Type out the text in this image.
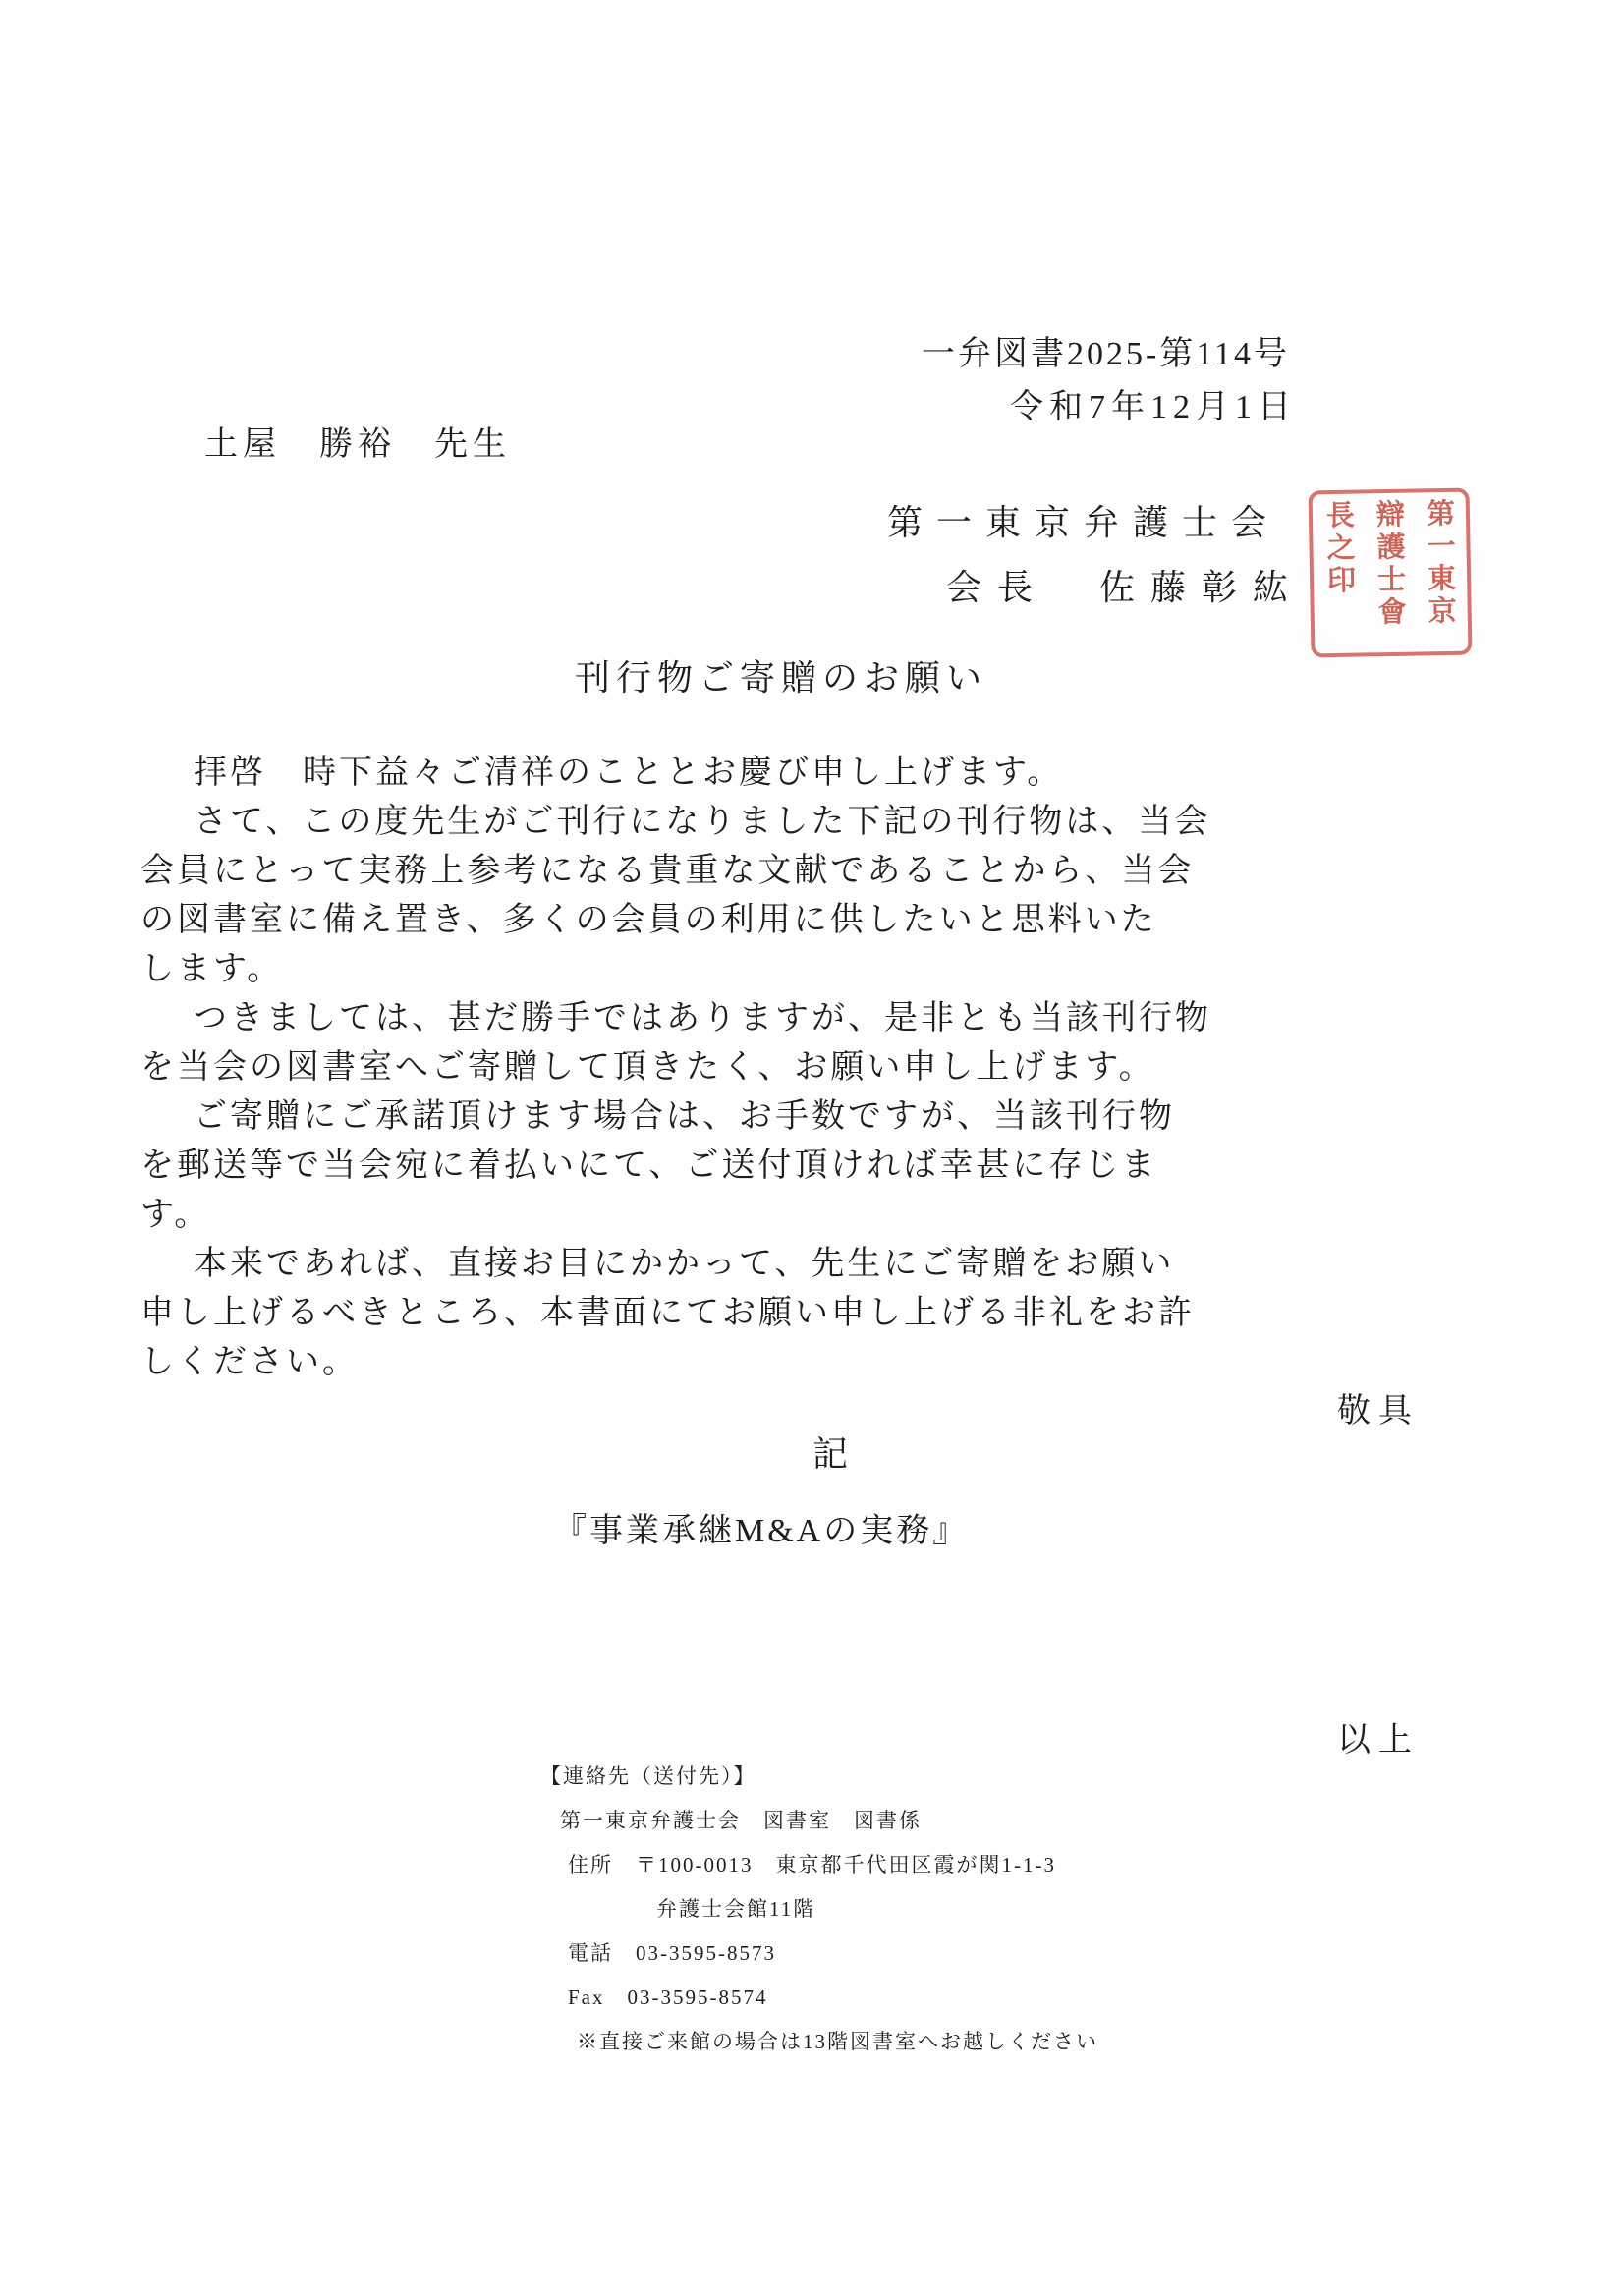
一弁図書2025-第114号
令和7年12月1日
土屋　勝裕　先生
第一東京弁護士会
会長　佐藤彰紘	第一東京
辯護士會
長之印
刊行物ご寄贈のお願い
拝啓　時下益々ご清祥のこととお慶び申し上げます。
さて、この度先生がご刊行になりました下記の刊行物は、当会
会員にとって実務上参考になる貴重な文献であることから、当会
の図書室に備え置き、多くの会員の利用に供したいと思料いた
します。
つきましては、甚だ勝手ではありますが、是非とも当該刊行物
を当会の図書室へご寄贈して頂きたく、お願い申し上げます。
ご寄贈にご承諾頂けます場合は、お手数ですが、当該刊行物
を郵送等で当会宛に着払いにて、ご送付頂ければ幸甚に存じま
す。
本来であれば、直接お目にかかって、先生にご寄贈をお願い
申し上げるべきところ、本書面にてお願い申し上げる非礼をお許
しください。
敬具
記
『事業承継M&Aの実務』
以上
【連絡先（送付先）】
第一東京弁護士会　図書室　図書係
住所　〒100-0013　東京都千代田区霞が関1-1-3
弁護士会館11階
電話　03-3595-8573
Fax　03-3595-8574
※直接ご来館の場合は13階図書室へお越しください
